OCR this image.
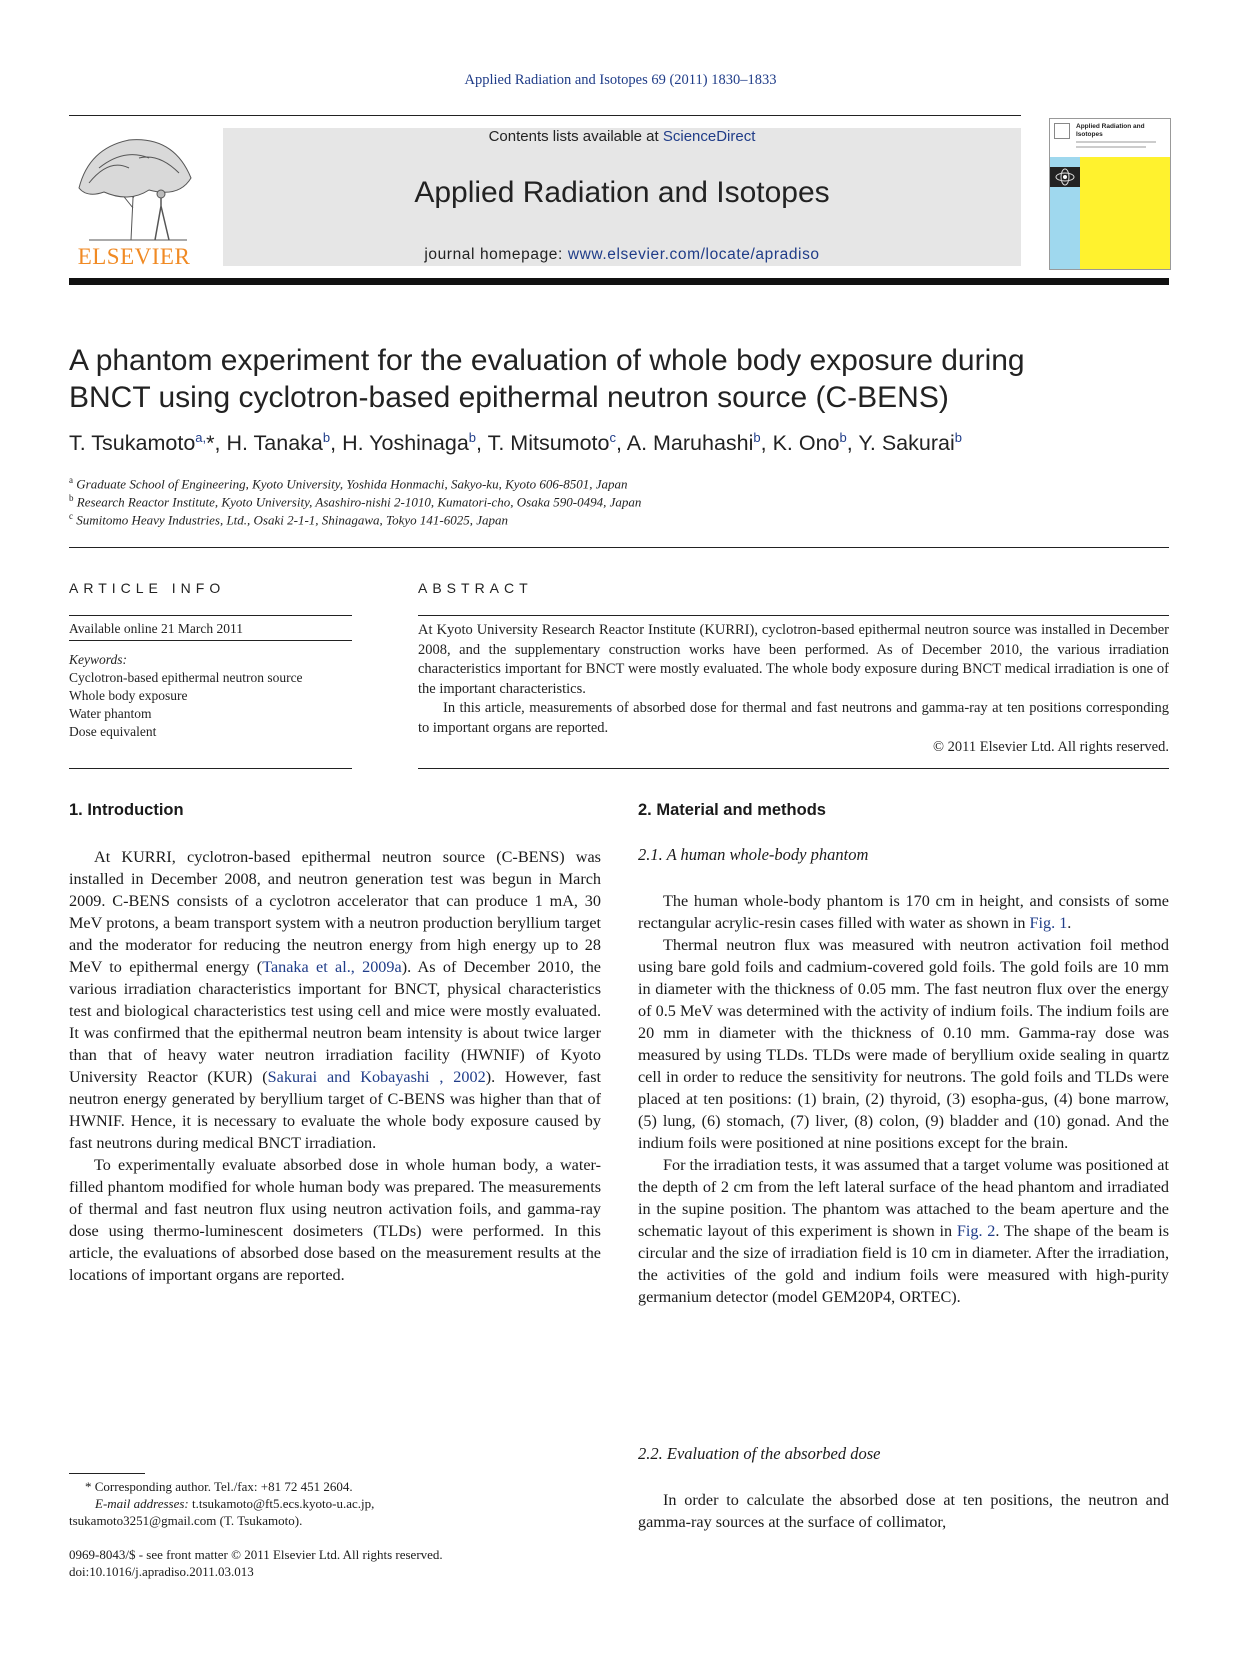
Applied Radiation and Isotopes 69 (2011) 1830–1833
ELSEVIER
Contents lists available at ScienceDirect
Applied Radiation and Isotopes
journal homepage: www.elsevier.com/locate/apradiso
Applied Radiation and Isotopes
A phantom experiment for the evaluation of whole body exposure during
BNCT using cyclotron-based epithermal neutron source (C-BENS)
T. Tsukamoto$^{a,}$*, H. Tanaka$^b$, H. Yoshinaga$^b$, T. Mitsumoto$^c$, A. Maruhashi$^b$, K. Ono$^b$, Y. Sakurai$^b$
$^a$ Graduate School of Engineering, Kyoto University, Yoshida Honmachi, Sakyo-ku, Kyoto 606-8501, Japan
$^b$ Research Reactor Institute, Kyoto University, Asashiro-nishi 2-1010, Kumatori-cho, Osaka 590-0494, Japan
$^c$ Sumitomo Heavy Industries, Ltd., Osaki 2-1-1, Shinagawa, Tokyo 141-6025, Japan
ARTICLE INFO
Available online 21 March 2011
Keywords:
Cyclotron-based epithermal neutron source
Whole body exposure
Water phantom
Dose equivalent
ABSTRACT

At Kyoto University Research Reactor Institute (KURRI), cyclotron-based epithermal neutron source was installed in December 2008, and the supplementary construction works have been performed. As of December 2010, the various irradiation characteristics important for BNCT were mostly evaluated. The whole body exposure during BNCT medical irradiation is one of the important characteristics.

In this article, measurements of absorbed dose for thermal and fast neutrons and gamma-ray at ten positions corresponding to important organs are reported.

© 2011 Elsevier Ltd. All rights reserved.

1. Introduction

At KURRI, cyclotron-based epithermal neutron source (C-BENS) was installed in December 2008, and neutron generation test was begun in March 2009. C-BENS consists of a cyclotron accelerator that can produce 1 mA, 30 MeV protons, a beam transport system with a neutron production beryllium target and the moderator for reducing the neutron energy from high energy up to 28 MeV to epithermal energy (Tanaka et al., 2009a). As of December 2010, the various irradiation characteristics important for BNCT, physical characteristics test and biological characteristics test using cell and mice were mostly evaluated. It was confirmed that the epithermal neutron beam intensity is about twice larger than that of heavy water neutron irradiation facility (HWNIF) of Kyoto University Reactor (KUR) (Sakurai and Kobayashi , 2002). However, fast neutron energy generated by beryllium target of C-BENS was higher than that of HWNIF. Hence, it is necessary to evaluate the whole body exposure caused by fast neutrons during medical BNCT irradiation.

To experimentally evaluate absorbed dose in whole human body, a water-filled phantom modified for whole human body was prepared. The measurements of thermal and fast neutron flux using neutron activation foils, and gamma-ray dose using thermo-luminescent dosimeters (TLDs) were performed. In this article, the evaluations of absorbed dose based on the measurement results at the locations of important organs are reported.

2. Material and methods
2.1. A human whole-body phantom

The human whole-body phantom is 170 cm in height, and consists of some rectangular acrylic-resin cases filled with water as shown in Fig. 1.

Thermal neutron flux was measured with neutron activation foil method using bare gold foils and cadmium-covered gold foils. The gold foils are 10 mm in diameter with the thickness of 0.05 mm. The fast neutron flux over the energy of 0.5 MeV was determined with the activity of indium foils. The indium foils are 20 mm in diameter with the thickness of 0.10 mm. Gamma-ray dose was measured by using TLDs. TLDs were made of beryllium oxide sealing in quartz cell in order to reduce the sensitivity for neutrons. The gold foils and TLDs were placed at ten positions: (1) brain, (2) thyroid, (3) esopha-gus, (4) bone marrow, (5) lung, (6) stomach, (7) liver, (8) colon, (9) bladder and (10) gonad. And the indium foils were positioned at nine positions except for the brain.

For the irradiation tests, it was assumed that a target volume was positioned at the depth of 2 cm from the left lateral surface of the head phantom and irradiated in the supine position. The phantom was attached to the beam aperture and the schematic layout of this experiment is shown in Fig. 2. The shape of the beam is circular and the size of irradiation field is 10 cm in diameter. After the irradiation, the activities of the gold and indium foils were measured with high-purity germanium detector (model GEM20P4, ORTEC).

2.2. Evaluation of the absorbed dose

In order to calculate the absorbed dose at ten positions, the neutron and gamma-ray sources at the surface of collimator,

* Corresponding author. Tel./fax: +81 72 451 2604.
E-mail addresses: t.tsukamoto@ft5.ecs.kyoto-u.ac.jp,
tsukamoto3251@gmail.com (T. Tsukamoto).
0969-8043/$ - see front matter © 2011 Elsevier Ltd. All rights reserved.
doi:10.1016/j.apradiso.2011.03.013
